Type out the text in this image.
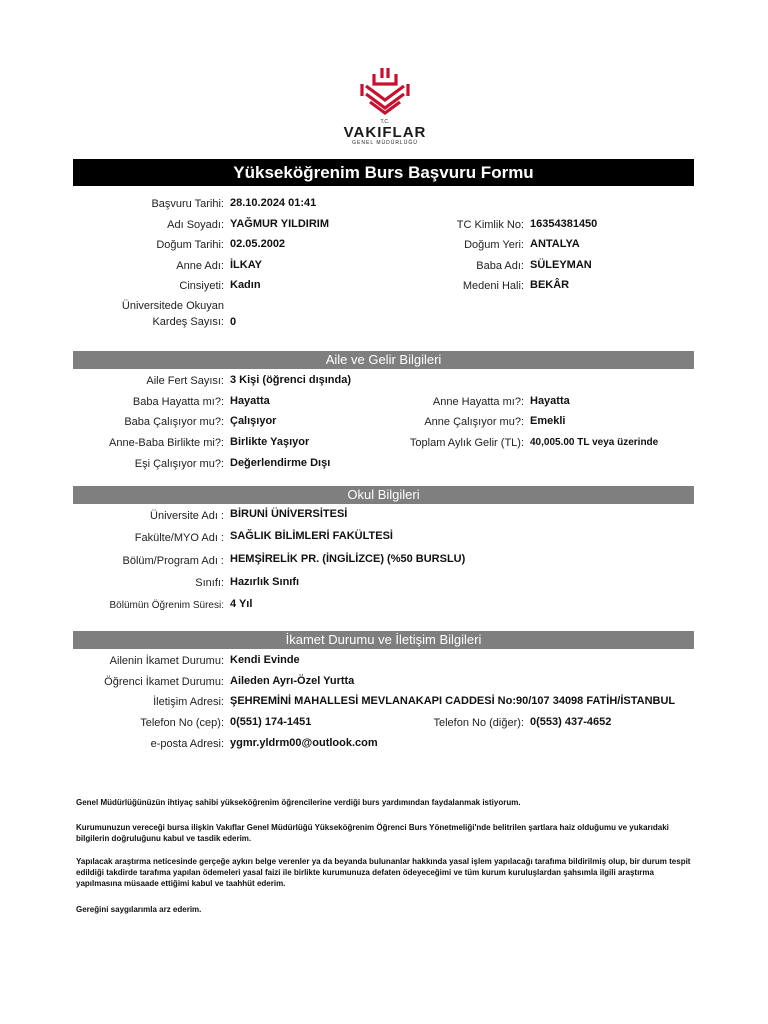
T.C.
VAKIFLAR
GENEL MÜDÜRLÜĞÜ
Yükseköğrenim Burs Başvuru Formu
Başvuru Tarihi: 28.10.2024 01:41
Adı Soyadı: YAĞMUR YILDIRIM	TC Kimlik No: 16354381450
Doğum Tarihi: 02.05.2002	Doğum Yeri: ANTALYA
Anne Adı: İLKAY	Baba Adı: SÜLEYMAN
Cinsiyeti: Kadın	Medeni Hali: BEKÂR
Üniversitede Okuyan
Kardeş Sayısı: 0
Aile ve Gelir Bilgileri
Aile Fert Sayısı: 3 Kişi (öğrenci dışında)
Baba Hayatta mı?: Hayatta	Anne Hayatta mı?: Hayatta
Baba Çalışıyor mu?: Çalışıyor	Anne Çalışıyor mu?: Emekli
Anne-Baba Birlikte mi?: Birlikte Yaşıyor	Toplam Aylık Gelir (TL): 40,005.00 TL veya üzerinde
Eşi Çalışıyor mu?: Değerlendirme Dışı
Okul Bilgileri
Üniversite Adı : BİRUNİ ÜNİVERSİTESİ
Fakülte/MYO Adı : SAĞLIK BİLİMLERİ FAKÜLTESİ
Bölüm/Program Adı : HEMŞİRELİK PR. (İNGİLİZCE) (%50 BURSLU)
Sınıfı: Hazırlık Sınıfı
Bölümün Öğrenim Süresi: 4 Yıl
İkamet Durumu ve İletişim Bilgileri
Ailenin İkamet Durumu: Kendi Evinde
Öğrenci İkamet Durumu: Aileden Ayrı-Özel Yurtta
İletişim Adresi: ŞEHREMİNİ MAHALLESİ MEVLANAKAPI CADDESİ No:90/107 34098 FATİH/İSTANBUL
Telefon No (cep): 0(551) 174-1451	Telefon No (diğer): 0(553) 437-4652
e-posta Adresi: ygmr.yldrm00@outlook.com
Genel Müdürlüğünüzün ihtiyaç sahibi yükseköğrenim öğrencilerine verdiği burs yardımından faydalanmak istiyorum.
Kurumunuzun vereceği bursa ilişkin Vakıflar Genel Müdürlüğü Yükseköğrenim Öğrenci Burs Yönetmeliği'nde belitrilen şartlara haiz olduğumu ve yukarıdaki bilgilerin doğruluğunu kabul ve tasdik ederim.
Yapılacak araştırma neticesinde gerçeğe aykırı belge verenler ya da beyanda bulunanlar hakkında yasal işlem yapılacağı tarafıma bildirilmiş olup, bir durum tespit edildiği takdirde tarafıma yapılan ödemeleri yasal faizi ile birlikte kurumunuza defaten ödeyeceğimi ve tüm kurum kuruluşlardan şahsımla ilgili araştırma yapılmasına müsaade ettiğimi kabul ve taahhüt ederim.
Gereğini saygılarımla arz ederim.
